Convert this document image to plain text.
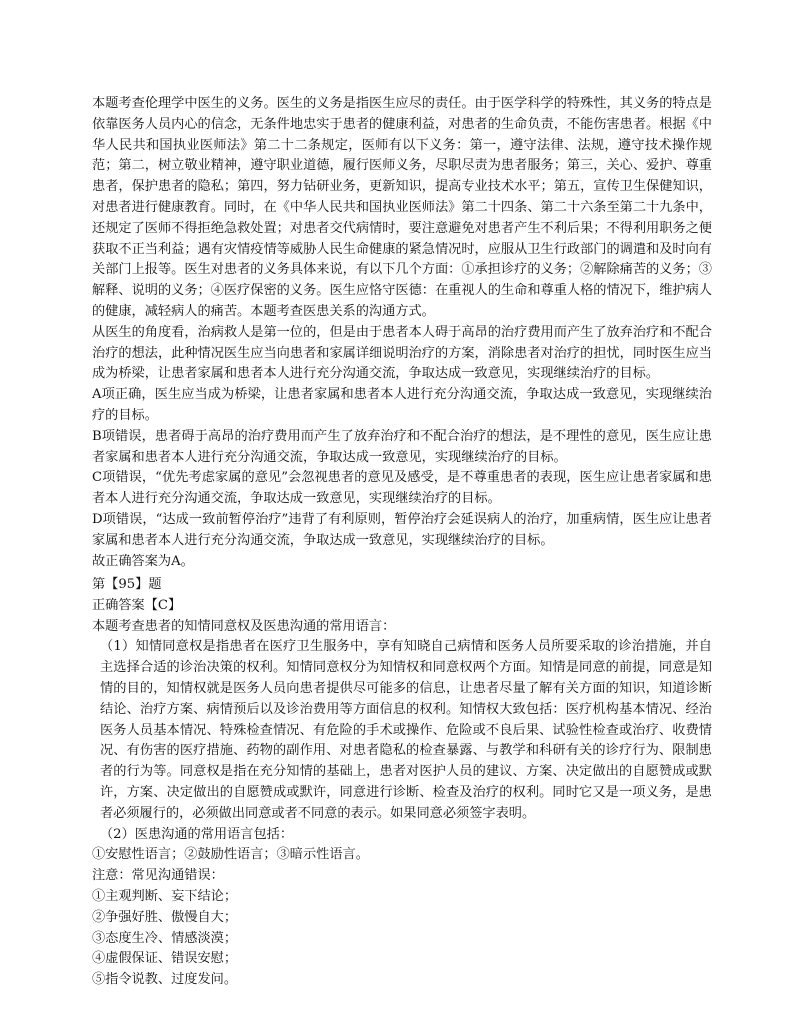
本题考查伦理学中医生的义务。医生的义务是指医生应尽的责任。由于医学科学的特殊性，其义务的特点是依靠医务人员内心的信念，无条件地忠实于患者的健康利益，对患者的生命负责，不能伤害患者。根据《中华人民共和国执业医师法》第二十二条规定，医师有以下义务：第一，遵守法律、法规，遵守技术操作规范；第二，树立敬业精神，遵守职业道德，履行医师义务，尽职尽责为患者服务；第三，关心、爱护、尊重患者，保护患者的隐私；第四，努力钻研业务，更新知识，提高专业技术水平；第五，宣传卫生保健知识，对患者进行健康教育。同时，在《中华人民共和国执业医师法》第二十四条、第二十六条至第二十九条中，还规定了医师不得拒绝急救处置；对患者交代病情时，要注意避免对患者产生不利后果；不得利用职务之便获取不正当利益；遇有灾情疫情等威胁人民生命健康的紧急情况时，应服从卫生行政部门的调遣和及时向有关部门上报等。医生对患者的义务具体来说，有以下几个方面：①承担诊疗的义务；②解除痛苦的义务；③解释、说明的义务；④医疗保密的义务。医生应恪守医德：在重视人的生命和尊重人格的情况下，维护病人的健康，减轻病人的痛苦。本题考查医患关系的沟通方式。

从医生的角度看，治病救人是第一位的，但是由于患者本人碍于高昂的治疗费用而产生了放弃治疗和不配合治疗的想法，此种情况医生应当向患者和家属详细说明治疗的方案，消除患者对治疗的担忧，同时医生应当成为桥梁，让患者家属和患者本人进行充分沟通交流，争取达成一致意见，实现继续治疗的目标。

A项正确，医生应当成为桥梁，让患者家属和患者本人进行充分沟通交流，争取达成一致意见，实现继续治疗的目标。

B项错误，患者碍于高昂的治疗费用而产生了放弃治疗和不配合治疗的想法，是不理性的意见，医生应让患者家属和患者本人进行充分沟通交流，争取达成一致意见，实现继续治疗的目标。

C项错误，“优先考虑家属的意见”会忽视患者的意见及感受，是不尊重患者的表现，医生应让患者家属和患者本人进行充分沟通交流，争取达成一致意见，实现继续治疗的目标。

D项错误，“达成一致前暂停治疗”违背了有利原则，暂停治疗会延误病人的治疗，加重病情，医生应让患者家属和患者本人进行充分沟通交流，争取达成一致意见，实现继续治疗的目标。

故正确答案为A。

第【95】题

正确答案【C】

本题考查患者的知情同意权及医患沟通的常用语言：

（1）知情同意权是指患者在医疗卫生服务中，享有知晓自己病情和医务人员所要采取的诊治措施，并自主选择合适的诊治决策的权利。知情同意权分为知情权和同意权两个方面。知情是同意的前提，同意是知情的目的，知情权就是医务人员向患者提供尽可能多的信息，让患者尽量了解有关方面的知识，知道诊断结论、治疗方案、病情预后以及诊治费用等方面信息的权利。知情权大致包括：医疗机构基本情况、经治医务人员基本情况、特殊检查情况、有危险的手术或操作、危险或不良后果、试验性检查或治疗、收费情况、有伤害的医疗措施、药物的副作用、对患者隐私的检查暴露、与教学和科研有关的诊疗行为、限制患者的行为等。同意权是指在充分知情的基础上，患者对医护人员的建议、方案、决定做出的自愿赞成或默许，方案、决定做出的自愿赞成或默许，同意进行诊断、检查及治疗的权利。同时它又是一项义务，是患者必须履行的，必须做出同意或者不同意的表示。如果同意必须签字表明。

（2）医患沟通的常用语言包括：

①安慰性语言；②鼓励性语言；③暗示性语言。

注意：常见沟通错误：

①主观判断、妄下结论；

②争强好胜、傲慢自大；

③态度生冷、情感淡漠；

④虚假保证、错误安慰；

⑤指令说教、过度发问。
